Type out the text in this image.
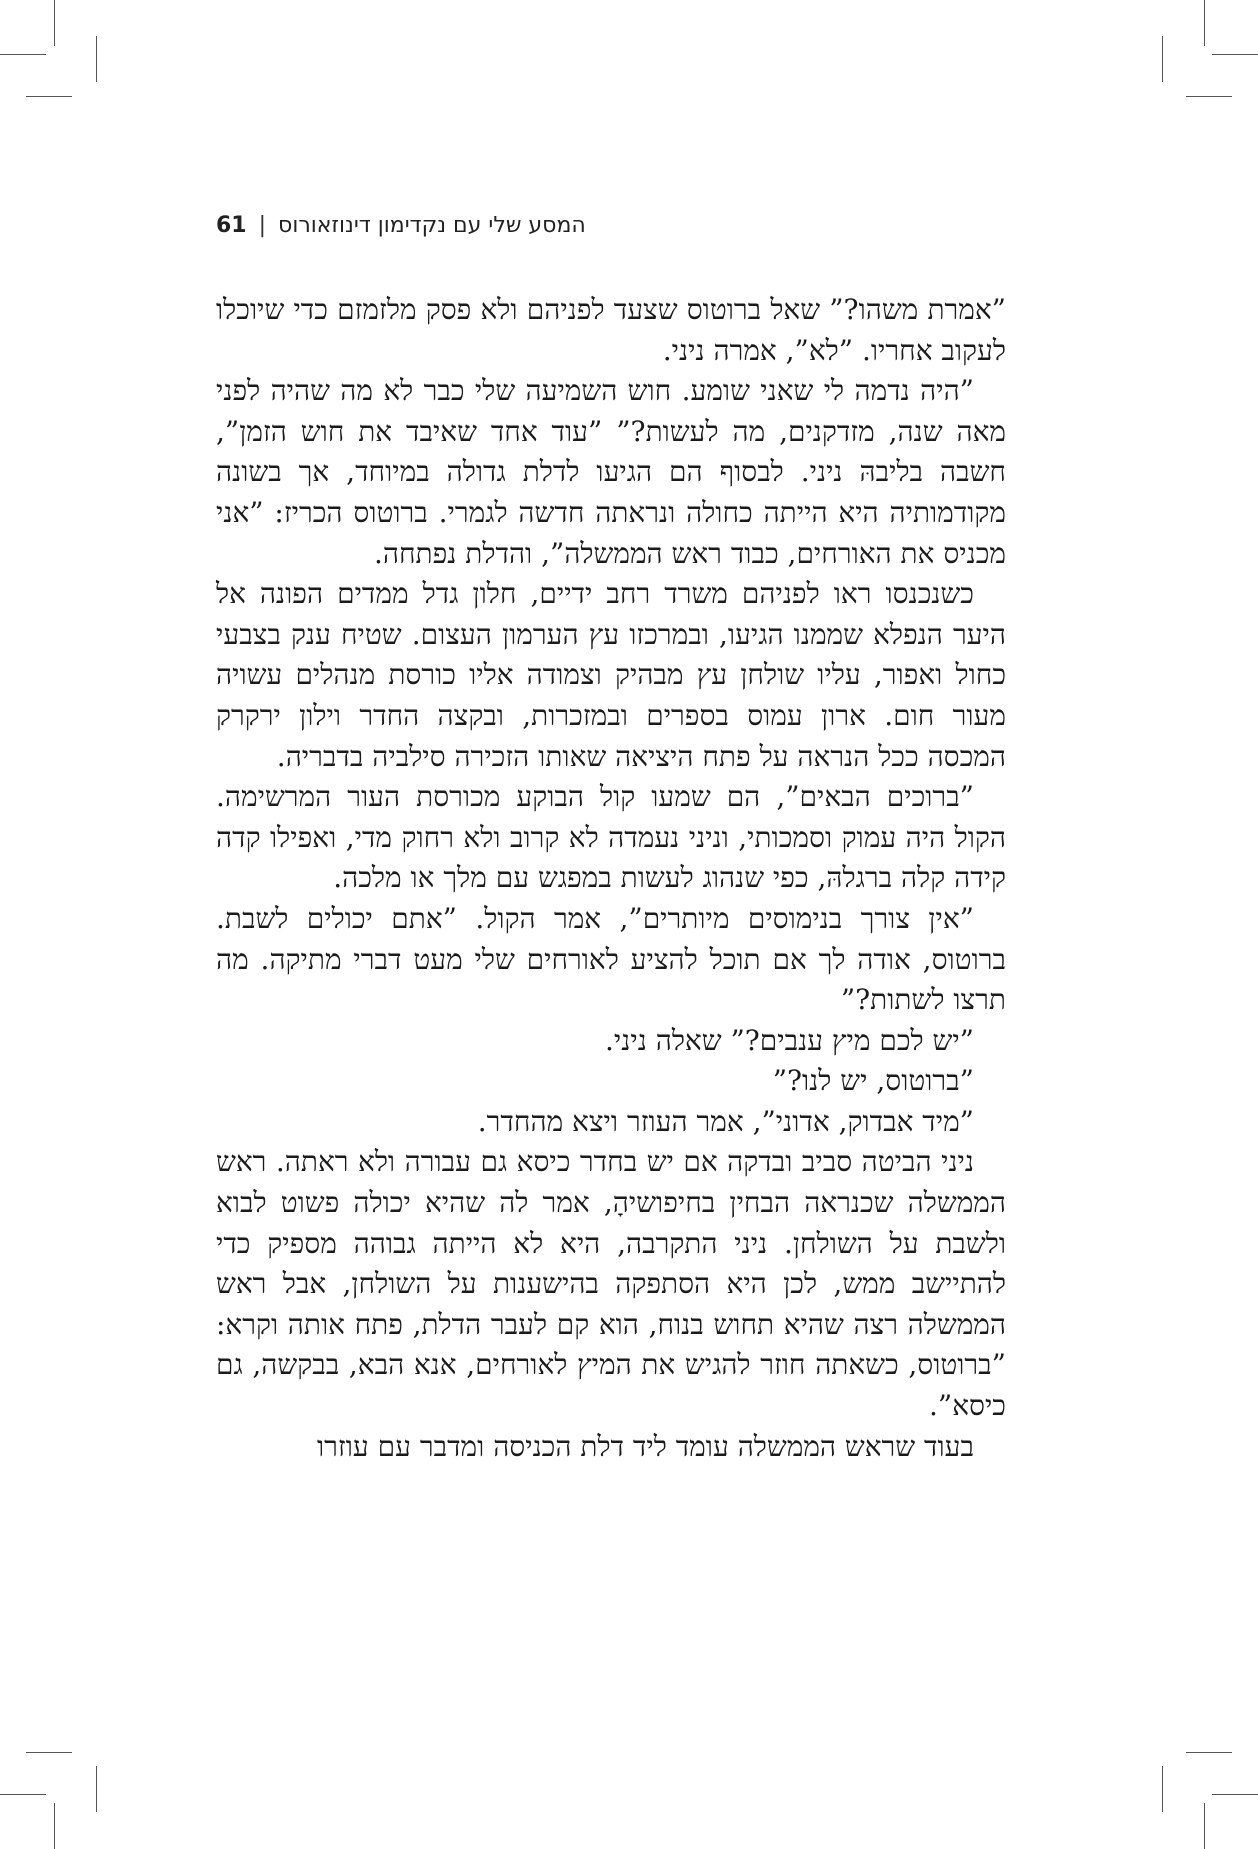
המסע שלי עם נקדימון דינוזאורוס
|
61

”אמרת משהו?” שאל ברוטוס שצעד לפניהם ולא פסק מלזמזם כדי שיוכלו לעקוב אחריו. ”לא”, אמרה ניני.

”היה נדמה לי שאני שומע. חוש השמיעה שלי כבר לא מה שהיה לפני מאה שנה, מזדקנים, מה לעשות?” ”עוד אחד שאיבד את חוש הזמן”, חשבה בליבהּ ניני. לבסוף הם הגיעו לדלת גדולה במיוחד, אך בשונה מקודמותיה היא הייתה כחולה ונראתה חדשה לגמרי. ברוטוס הכריז: ”אני מכניס את האורחים, כבוד ראש הממשלה”, והדלת נפתחה.

כשנכנסו ראו לפניהם משרד רחב ידיים, חלון גדל ממדים הפונה אל היער הנפלא שממנו הגיעו, ובמרכזו עץ הערמון העצום. שטיח ענק בצבעי כחול ואפור, עליו שולחן עץ מבהיק וצמודה אליו כורסת מנהלים עשויה מעור חום. ארון עמוס בספרים ובמזכרות, ובקצה החדר וילון ירקרק המכסה ככל הנראה על פתח היציאה שאותו הזכירה סילביה בדבריה.

”ברוכים הבאים”, הם שמעו קול הבוקע מכורסת העור המרשימה. הקול היה עמוק וסמכותי, וניני נעמדה לא קרוב ולא רחוק מדי, ואפילו קדה קידה קלה ברגלהּ, כפי שנהוג לעשות במפגש עם מלך או מלכה.

”אין צורך בנימוסים מיותרים”, אמר הקול. ”אתם יכולים לשבת. ברוטוס, אודה לך אם תוכל להציע לאורחים שלי מעט דברי מתיקה. מה תרצו לשתות?”

”יש לכם מיץ ענבים?” שאלה ניני.

”ברוטוס, יש לנו?”

”מיד אבדוק, אדוני”, אמר העוזר ויצא מהחדר.

ניני הביטה סביב ובדקה אם יש בחדר כיסא גם עבורה ולא ראתה. ראש הממשלה שכנראה הבחין בחיפושיהָ, אמר לה שהיא יכולה פשוט לבוא ולשבת על השולחן. ניני התקרבה, היא לא הייתה גבוהה מספיק כדי להתיישב ממש, לכן היא הסתפקה בהישענות על השולחן, אבל ראש הממשלה רצה שהיא תחוש בנוח, הוא קם לעבר הדלת, פתח אותה וקרא: ”ברוטוס, כשאתה חוזר להגיש את המיץ לאורחים, אנא הבא, בבקשה, גם כיסא”.

בעוד שראש הממשלה עומד ליד דלת הכניסה ומדבר עם עוזרו
